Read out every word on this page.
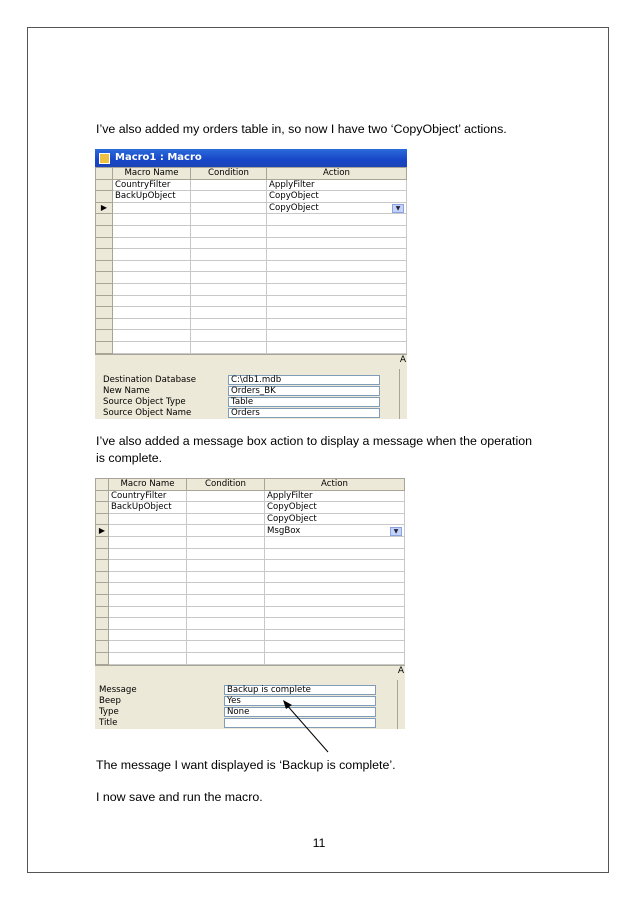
I’ve also added my orders table in, so now I have two ‘CopyObject’ actions.
Macro1 : Macro
	Macro Name	Condition	Action
	CountryFilter		ApplyFilter
	BackUpObject		CopyObject
▶			CopyObject ▼

A
Destination Database	C:\db1.mdb
New Name	Orders_BK
Source Object Type	Table
Source Object Name	Orders
I’ve also added a message box action to display a message when the operation is complete.
	Macro Name	Condition	Action
	CountryFilter		ApplyFilter
	BackUpObject		CopyObject
			CopyObject
▶			MsgBox ▼

A
Message	Backup is complete
Beep	Yes
Type	None
Title
The message I want displayed is ‘Backup is complete’.
I now save and run the macro.
11
